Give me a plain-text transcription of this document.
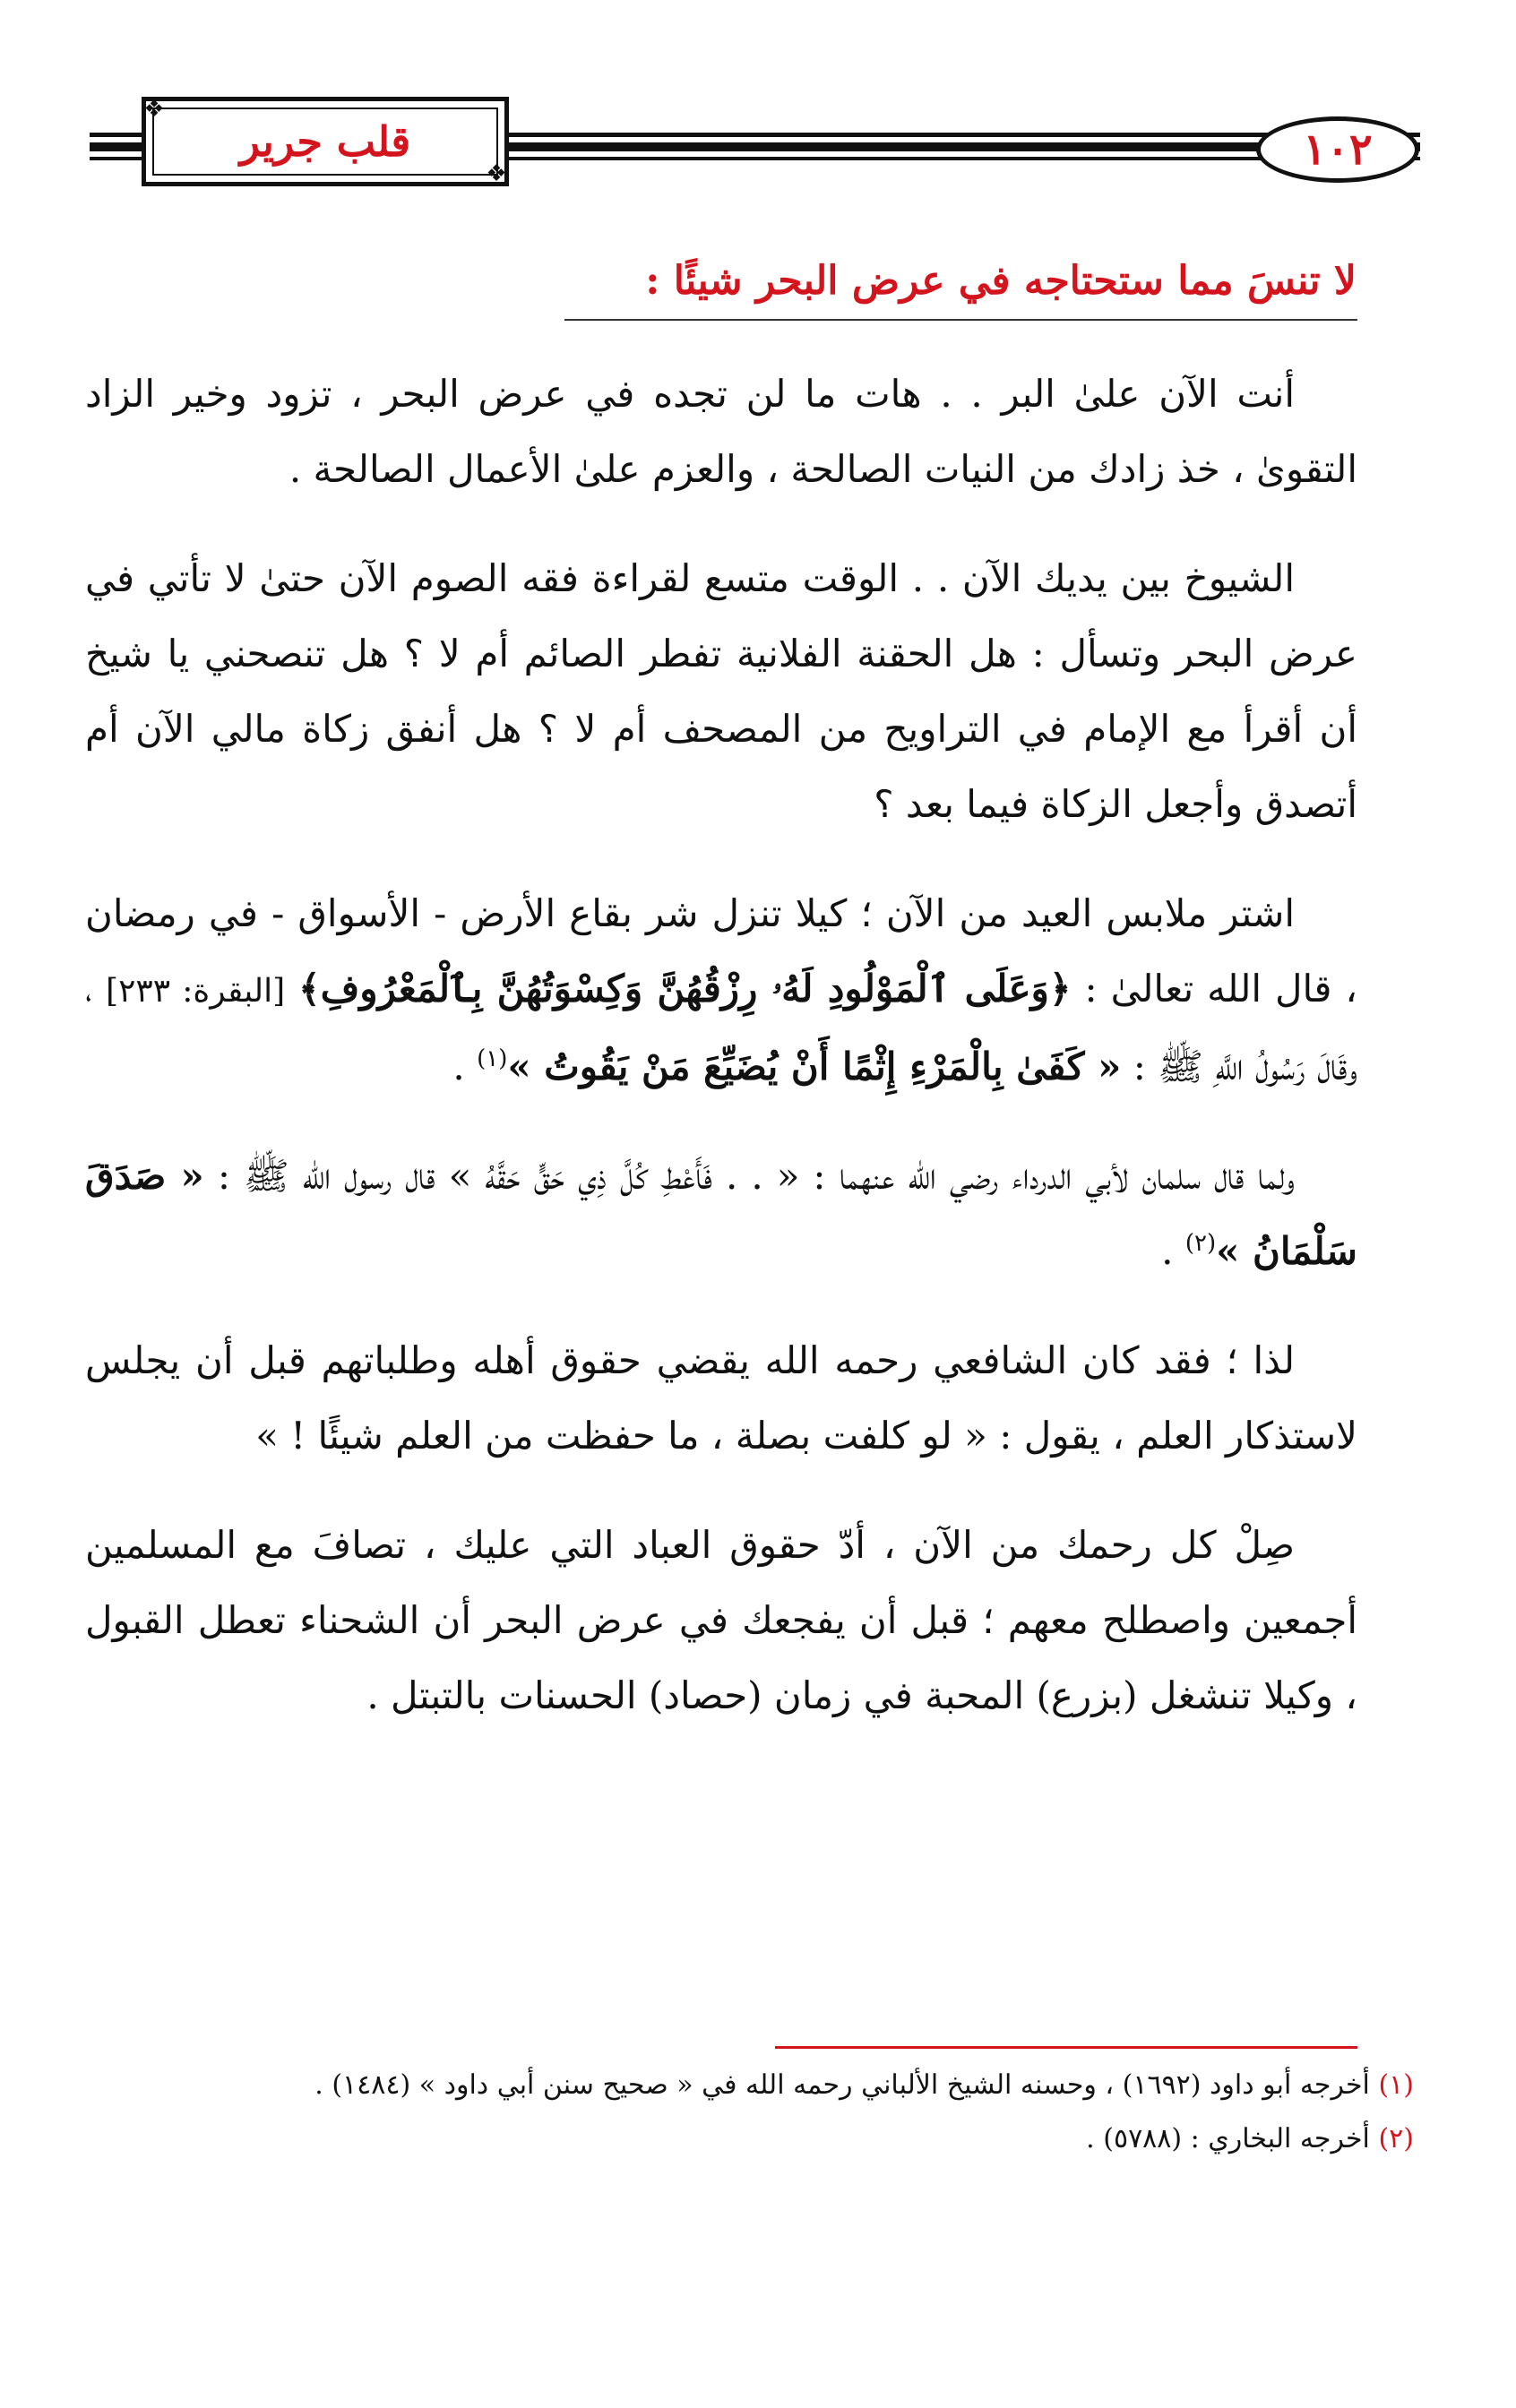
❖
❖
قلب جرير	١٠٢
لا تنسَ مما ستحتاجه في عرض البحر شيئًا :

أنت الآن علىٰ البر . . هات ما لن تجده في عرض البحر ، تزود وخير الزاد التقوىٰ ، خذ زادك من النيات الصالحة ، والعزم علىٰ الأعمال الصالحة .

الشيوخ بين يديك الآن . . الوقت متسع لقراءة فقه الصوم الآن حتىٰ لا تأتي في عرض البحر وتسأل : هل الحقنة الفلانية تفطر الصائم أم لا ؟ هل تنصحني يا شيخ أن أقرأ مع الإمام في التراويح من المصحف أم لا ؟ هل أنفق زكاة مالي الآن أم أتصدق وأجعل الزكاة فيما بعد ؟

اشتر ملابس العيد من الآن ؛ كيلا تنزل شر بقاع الأرض - الأسواق - في رمضان ، قال الله تعالىٰ : ﴿وَعَلَى ٱلْمَوْلُودِ لَهُۥ رِزْقُهُنَّ وَكِسْوَتُهُنَّ بِٱلْمَعْرُوفِ﴾ [البقرة: ٢٣٣] ، وقَالَ رَسُولُ اللَّهِ ﷺ : « كَفَىٰ بِالْمَرْءِ إِثْمًا أَنْ يُضَيِّعَ مَنْ يَقُوتُ »$^{(١)}$ .

ولما قال سلمان لأبي الدرداء رضي الله عنهما : « . . فَأَعْطِ كُلَّ ذِي حَقٍّ حَقَّهُ » قال رسول الله ﷺ : « صَدَقَ سَلْمَانُ »$^{(٢)}$ .

لذا ؛ فقد كان الشافعي رحمه الله يقضي حقوق أهله وطلباتهم قبل أن يجلس لاستذكار العلم ، يقول : « لو كلفت بصلة ، ما حفظت من العلم شيئًا ! »

صِلْ كل رحمك من الآن ، أدّ حقوق العباد التي عليك ، تصافَ مع المسلمين أجمعين واصطلح معهم ؛ قبل أن يفجعك في عرض البحر أن الشحناء تعطل القبول ، وكيلا تنشغل (بزرع) المحبة في زمان (حصاد) الحسنات بالتبتل .

(١) أخرجه أبو داود (١٦٩٢) ، وحسنه الشيخ الألباني رحمه الله في « صحيح سنن أبي داود » (١٤٨٤) .
(٢) أخرجه البخاري : (٥٧٨٨) .
